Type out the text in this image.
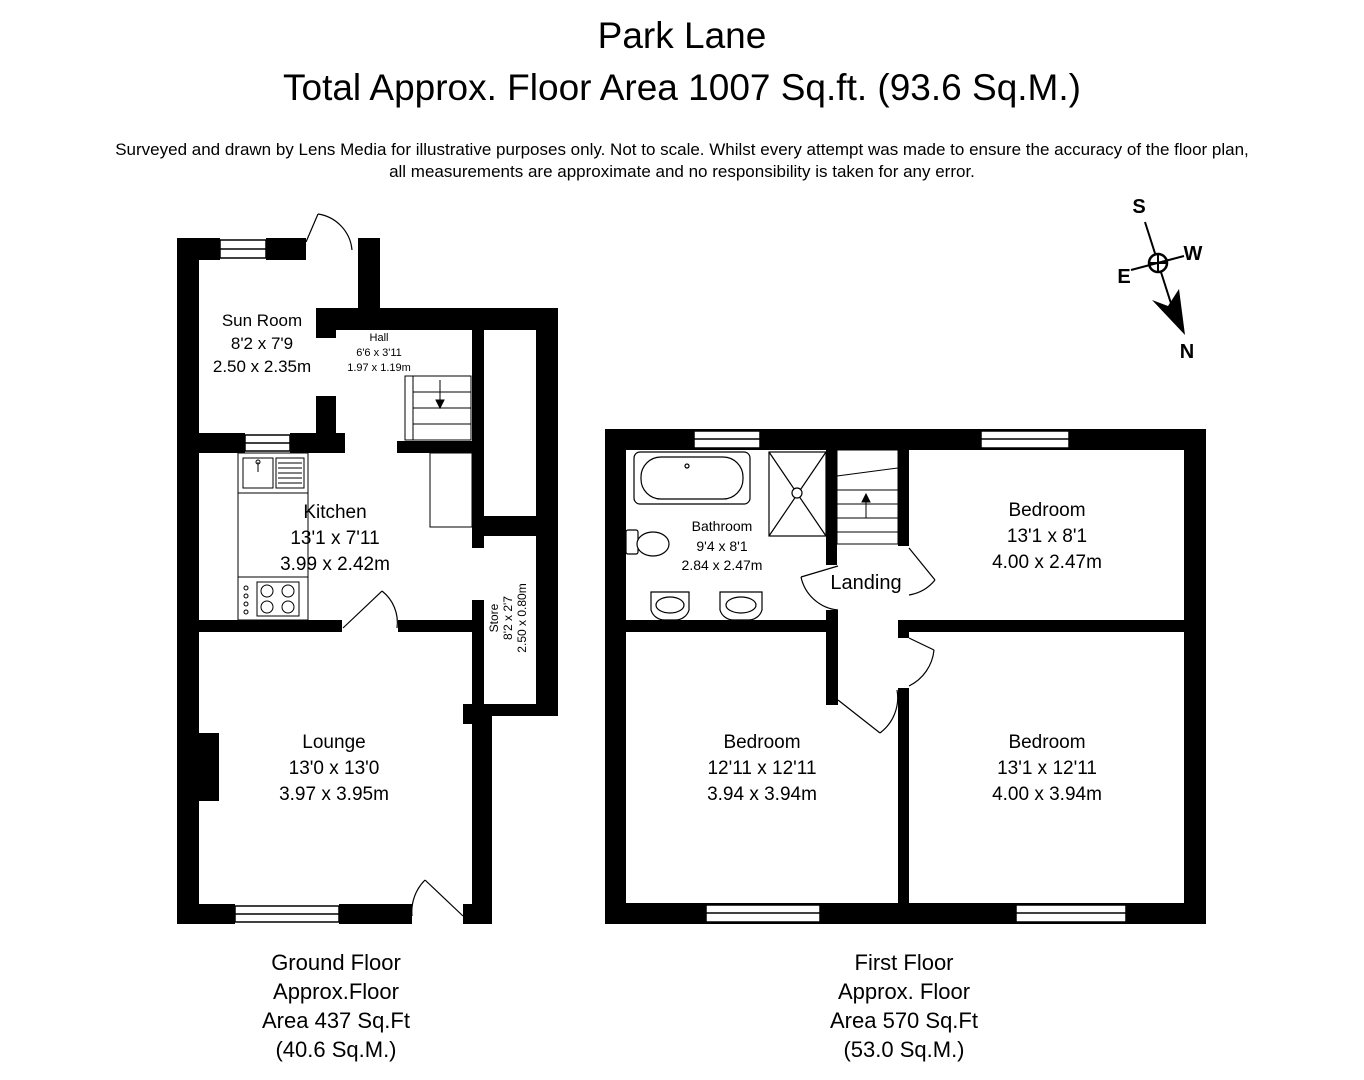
Park Lane
Total Approx. Floor Area 1007 Sq.ft. (93.6 Sq.M.)
Surveyed and drawn by Lens Media for illustrative purposes only. Not to scale. Whilst every attempt was made to ensure the accuracy of the floor plan,
all measurements are approximate and no responsibility is taken for any error.
S
W
E
N
Sun Room
8'2 x 7'9
2.50 x 2.35m
Hall
6'6 x 3'11
1.97 x 1.19m
Kitchen
13'1 x 7'11
3.99 x 2.42m
Store 8'2 x 2'7 2.50 x 0.80m
Lounge
13'0 x 13'0
3.97 x 3.95m
Bathroom
9'4 x 8'1
2.84 x 2.47m
Landing
Bedroom
13'1 x 8'1
4.00 x 2.47m
Bedroom
12'11 x 12'11
3.94 x 3.94m
Bedroom
13'1 x 12'11
4.00 x 3.94m
Ground Floor
Approx.Floor
Area 437 Sq.Ft
(40.6 Sq.M.)
First Floor
Approx. Floor
Area 570 Sq.Ft
(53.0 Sq.M.)
